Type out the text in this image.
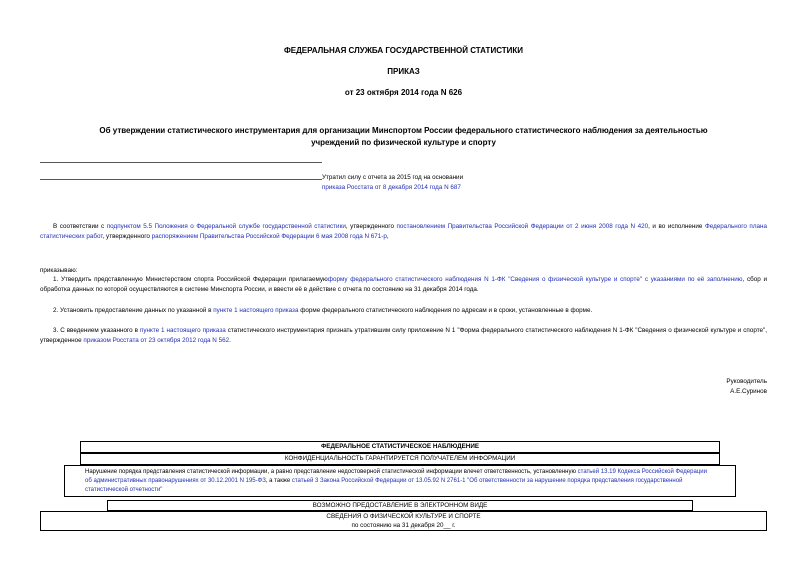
ФЕДЕРАЛЬНАЯ СЛУЖБА ГОСУДАРСТВЕННОЙ СТАТИСТИКИ
ПРИКАЗ
от 23 октября 2014 года N 626
Об утверждении статистического инструментария для организации Минспортом России федерального статистического наблюдения за деятельностью
учреждений по физической культуре и спорту
Утратил силу с отчета за 2015 год на основании
приказа Росстата от 8 декабря 2014 года N 687
В соответствии с подпунктом 5.5 Положения о Федеральной службе государственной статистики, утвержденного постановлением Правительства Российской Федерации от 2 июня 2008 года N 420, и во исполнение Федерального плана статистических работ, утвержденного распоряжением Правительства Российской Федерации 6 мая 2008 года N 671-р,
приказываю:
1. Утвердить представленную Министерством спорта Российской Федерации прилагаемуюформу федерального статистического наблюдения N 1-ФК "Сведения о физической культуре и спорте" с указаниями по её заполнению, сбор и обработка данных по которой осуществляются в системе Минспорта России, и ввести её в действие с отчета по состоянию на 31 декабря 2014 года.
2. Установить предоставление данных по указанной в пункте 1 настоящего приказа форме федерального статистического наблюдения по адресам и в сроки, установленные в форме.
3. С введением указанного в пункте 1 настоящего приказа статистического инструментария признать утратившим силу приложение N 1 "Форма федерального статистического наблюдения N 1-ФК "Сведения о физической культуре и спорте", утвержденное приказом Росстата от 23 октября 2012 года N 562.
Руководитель
А.Е.Суринов
ФЕДЕРАЛЬНОЕ СТАТИСТИЧЕСКОЕ НАБЛЮДЕНИЕ
КОНФИДЕНЦИАЛЬНОСТЬ ГАРАНТИРУЕТСЯ ПОЛУЧАТЕЛЕМ ИНФОРМАЦИИ
Нарушение порядка представления статистической информации, а равно представление недостоверной статистической информации влечет ответственность, установленную статьей 13.19 Кодекса Российской Федерации об административных правонарушениях от 30.12.2001 N 195-ФЗ, а также статьей 3 Закона Российской Федерации от 13.05.92 N 2761-1 "Об ответственности за нарушение порядка представления государственной статистической отчетности"
ВОЗМОЖНО ПРЕДОСТАВЛЕНИЕ В ЭЛЕКТРОННОМ ВИДЕ
СВЕДЕНИЯ О ФИЗИЧЕСКОЙ КУЛЬТУРЕ И СПОРТЕ
по состоянию на 31 декабря 20__ г.
